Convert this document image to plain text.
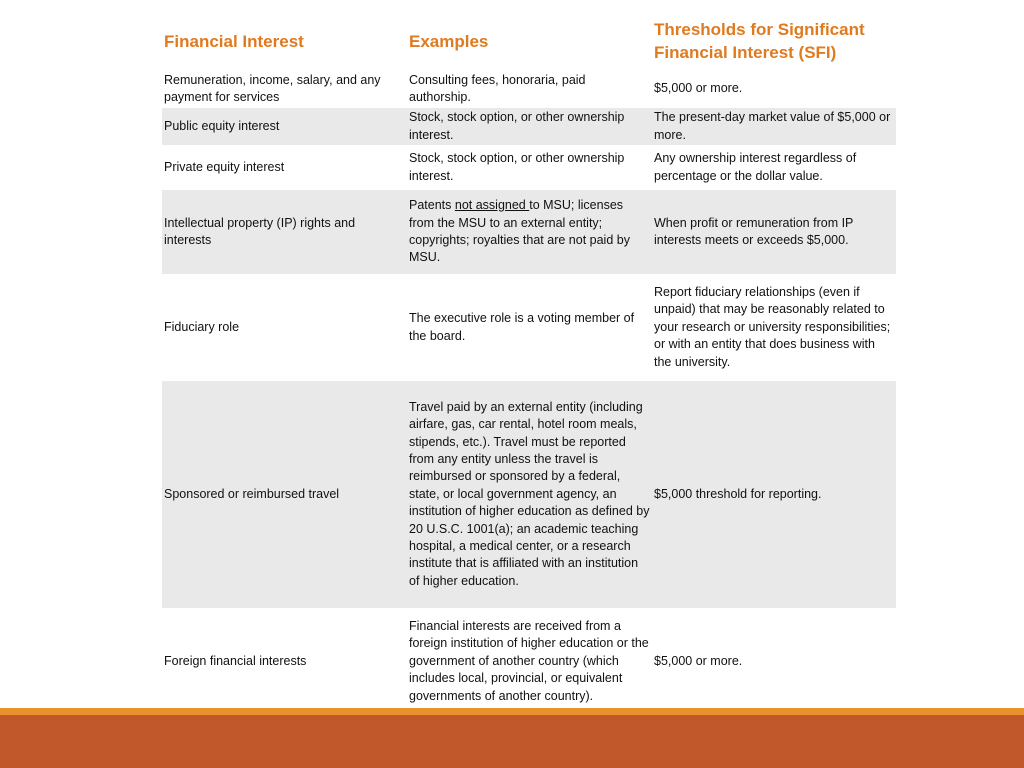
Financial Interest	Examples	Thresholds for Significant Financial Interest (SFI)
Remuneration, income, salary, and any payment for services	Consulting fees, honoraria, paid authorship.	$5,000 or more.
Public equity interest	Stock, stock option, or other ownership interest.	The present-day market value of $5,000 or more.
Private equity interest	Stock, stock option, or other ownership interest.	Any ownership interest regardless of percentage or the dollar value.
Intellectual property (IP) rights and interests	Patents not assigned to MSU; licenses from the MSU to an external entity; copyrights; royalties that are not paid by MSU.	When profit or remuneration from IP interests meets or exceeds $5,000.
Fiduciary role	The executive role is a voting member of the board.	Report fiduciary relationships (even if unpaid) that may be reasonably related to your research or university responsibilities; or with an entity that does business with the university.
Sponsored or reimbursed travel	Travel paid by an external entity (including airfare, gas, car rental, hotel room meals, stipends, etc.). Travel must be reported from any entity unless the travel is reimbursed or sponsored by a federal, state, or local government agency, an institution of higher education as defined by 20 U.S.C. 1001(a); an academic teaching hospital, a medical center, or a research institute that is affiliated with an institution of higher education.	$5,000 threshold for reporting.
Foreign financial interests	Financial interests are received from a foreign institution of higher education or the government of another country (which includes local, provincial, or equivalent governments of another country).	$5,000 or more.
